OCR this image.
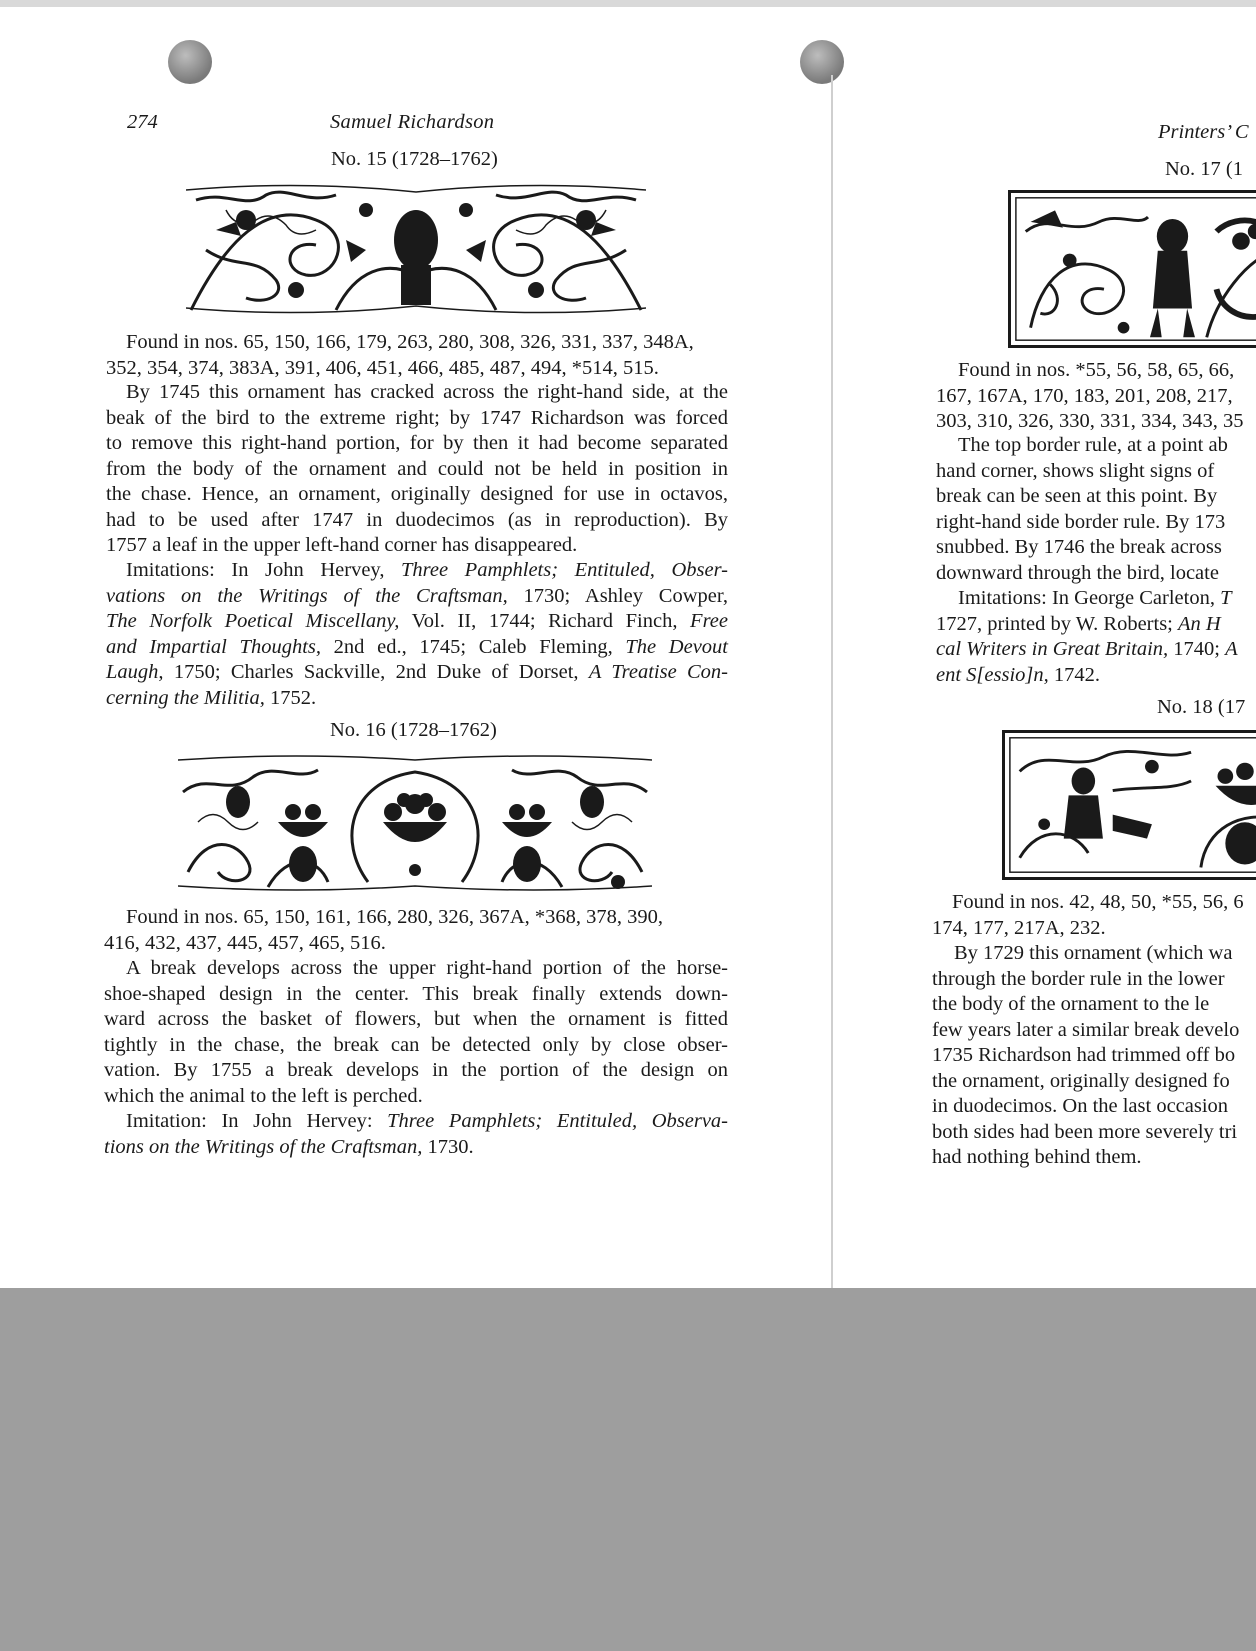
274	Samuel Richardson
No. 15 (1728–1762)
Found in nos. 65, 150, 166, 179, 263, 280, 308, 326, 331, 337, 348A,
352, 354, 374, 383A, 391, 406, 451, 466, 485, 487, 494, *514, 515.
By 1745 this ornament has cracked across the right-hand side, at the
beak of the bird to the extreme right; by 1747 Richardson was forced
to remove this right-hand portion, for by then it had become separated
from the body of the ornament and could not be held in position in
the chase. Hence, an ornament, originally designed for use in octavos,
had to be used after 1747 in duodecimos (as in reproduction). By
1757 a leaf in the upper left-hand corner has disappeared.
Imitations: In John Hervey, Three Pamphlets; Entituled, Obser-
vations on the Writings of the Craftsman, 1730; Ashley Cowper,
The Norfolk Poetical Miscellany, Vol. II, 1744; Richard Finch, Free
and Impartial Thoughts, 2nd ed., 1745; Caleb Fleming, The Devout
Laugh, 1750; Charles Sackville, 2nd Duke of Dorset, A Treatise Con-
cerning the Militia, 1752.
No. 16 (1728–1762)
Found in nos. 65, 150, 161, 166, 280, 326, 367A, *368, 378, 390,
416, 432, 437, 445, 457, 465, 516.
A break develops across the upper right-hand portion of the horse-
shoe-shaped design in the center. This break finally extends down-
ward across the basket of flowers, but when the ornament is fitted
tightly in the chase, the break can be detected only by close obser-
vation. By 1755 a break develops in the portion of the design on
which the animal to the left is perched.
Imitation: In John Hervey: Three Pamphlets; Entituled, Observa-
tions on the Writings of the Craftsman, 1730.
Printers’ C
No. 17 (1
Found in nos. *55, 56, 58, 65, 66,
167, 167A, 170, 183, 201, 208, 217,
303, 310, 326, 330, 331, 334, 343, 35
The top border rule, at a point ab
hand corner, shows slight signs of
break can be seen at this point. By
right-hand side border rule. By 173
snubbed. By 1746 the break across
downward through the bird, locate
Imitations: In George Carleton, T
1727, printed by W. Roberts; An H
cal Writers in Great Britain, 1740; A
ent S[essio]n, 1742.
No. 18 (17
Found in nos. 42, 48, 50, *55, 56, 6
174, 177, 217A, 232.
By 1729 this ornament (which wa
through the border rule in the lower
the body of the ornament to the le
few years later a similar break develo
1735 Richardson had trimmed off bo
the ornament, originally designed fo
in duodecimos. On the last occasion
both sides had been more severely tri
had nothing behind them.
